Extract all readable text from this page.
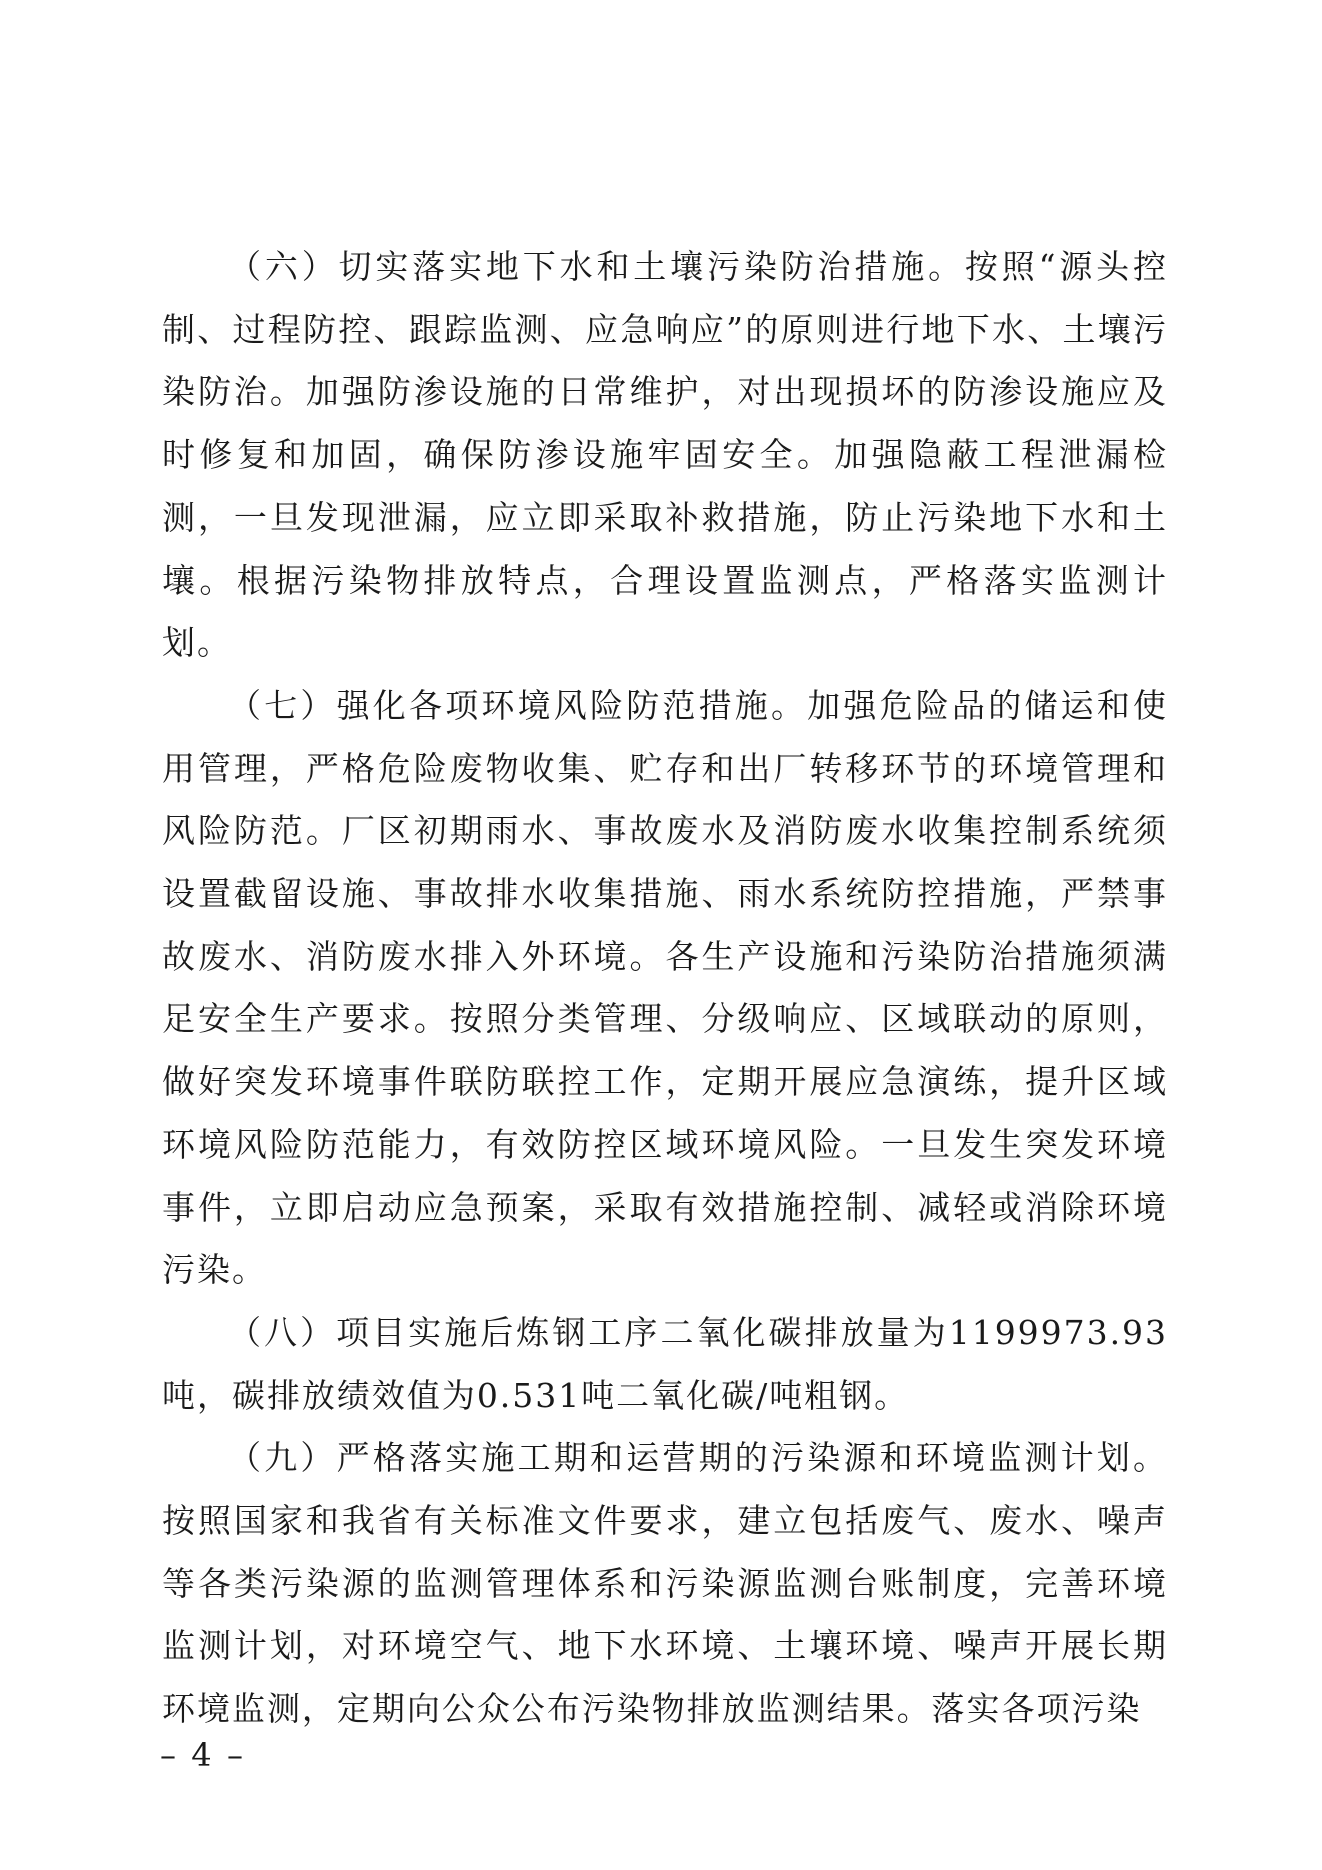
（六）切实落实地下水和土壤污染防治措施。按照“源头控制、过程防控、跟踪监测、应急响应”的原则进行地下水、土壤污染防治。加强防渗设施的日常维护，对出现损坏的防渗设施应及时修复和加固，确保防渗设施牢固安全。加强隐蔽工程泄漏检测，一旦发现泄漏，应立即采取补救措施，防止污染地下水和土壤。根据污染物排放特点，合理设置监测点，严格落实监测计划。

（七）强化各项环境风险防范措施。加强危险品的储运和使用管理，严格危险废物收集、贮存和出厂转移环节的环境管理和风险防范。厂区初期雨水、事故废水及消防废水收集控制系统须设置截留设施、事故排水收集措施、雨水系统防控措施，严禁事故废水、消防废水排入外环境。各生产设施和污染防治措施须满足安全生产要求。按照分类管理、分级响应、区域联动的原则，做好突发环境事件联防联控工作，定期开展应急演练，提升区域环境风险防范能力，有效防控区域环境风险。一旦发生突发环境事件，立即启动应急预案，采取有效措施控制、减轻或消除环境污染。

（八）项目实施后炼钢工序二氧化碳排放量为1199973.93吨，碳排放绩效值为0.531吨二氧化碳/吨粗钢。

（九）严格落实施工期和运营期的污染源和环境监测计划。按照国家和我省有关标准文件要求，建立包括废气、废水、噪声等各类污染源的监测管理体系和污染源监测台账制度，完善环境监测计划，对环境空气、地下水环境、土壤环境、噪声开展长期环境监测，定期向公众公布污染物排放监测结果。落实各项污染

– 4 –
